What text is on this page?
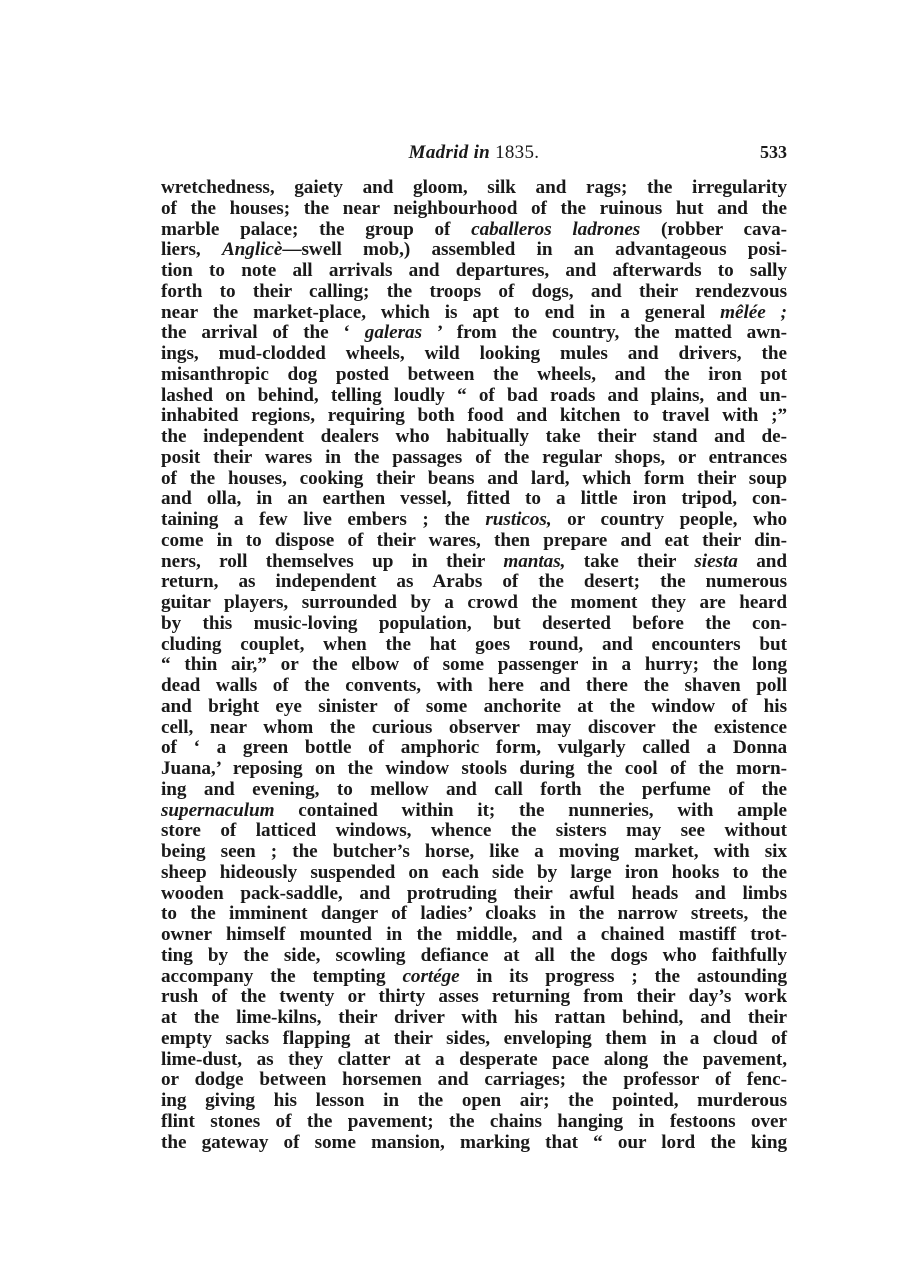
Madrid in 1835.	533
wretchedness, gaiety and gloom, silk and rags; the irregularity
of the houses; the near neighbourhood of the ruinous hut and the
marble palace; the group of caballeros ladrones (robber cava-
liers, Anglicè—swell mob,) assembled in an advantageous posi-
tion to note all arrivals and departures, and afterwards to sally
forth to their calling; the troops of dogs, and their rendezvous
near the market-place, which is apt to end in a general mêlée ;
the arrival of the ‘ galeras ’ from the country, the matted awn-
ings, mud-clodded wheels, wild looking mules and drivers, the
misanthropic dog posted between the wheels, and the iron pot
lashed on behind, telling loudly “ of bad roads and plains, and un-
inhabited regions, requiring both food and kitchen to travel with ;”
the independent dealers who habitually take their stand and de-
posit their wares in the passages of the regular shops, or entrances
of the houses, cooking their beans and lard, which form their soup
and olla, in an earthen vessel, fitted to a little iron tripod, con-
taining a few live embers ; the rusticos, or country people, who
come in to dispose of their wares, then prepare and eat their din-
ners, roll themselves up in their mantas, take their siesta and
return, as independent as Arabs of the desert; the numerous
guitar players, surrounded by a crowd the moment they are heard
by this music-loving population, but deserted before the con-
cluding couplet, when the hat goes round, and encounters but
“ thin air,” or the elbow of some passenger in a hurry; the long
dead walls of the convents, with here and there the shaven poll
and bright eye sinister of some anchorite at the window of his
cell, near whom the curious observer may discover the existence
of ‘ a green bottle of amphoric form, vulgarly called a Donna
Juana,’ reposing on the window stools during the cool of the morn-
ing and evening, to mellow and call forth the perfume of the
supernaculum contained within it; the nunneries, with ample
store of latticed windows, whence the sisters may see without
being seen ; the butcher’s horse, like a moving market, with six
sheep hideously suspended on each side by large iron hooks to the
wooden pack-saddle, and protruding their awful heads and limbs
to the imminent danger of ladies’ cloaks in the narrow streets, the
owner himself mounted in the middle, and a chained mastiff trot-
ting by the side, scowling defiance at all the dogs who faithfully
accompany the tempting cortége in its progress ; the astounding
rush of the twenty or thirty asses returning from their day’s work
at the lime-kilns, their driver with his rattan behind, and their
empty sacks flapping at their sides, enveloping them in a cloud of
lime-dust, as they clatter at a desperate pace along the pavement,
or dodge between horsemen and carriages; the professor of fenc-
ing giving his lesson in the open air; the pointed, murderous
flint stones of the pavement; the chains hanging in festoons over
the gateway of some mansion, marking that “ our lord the king
